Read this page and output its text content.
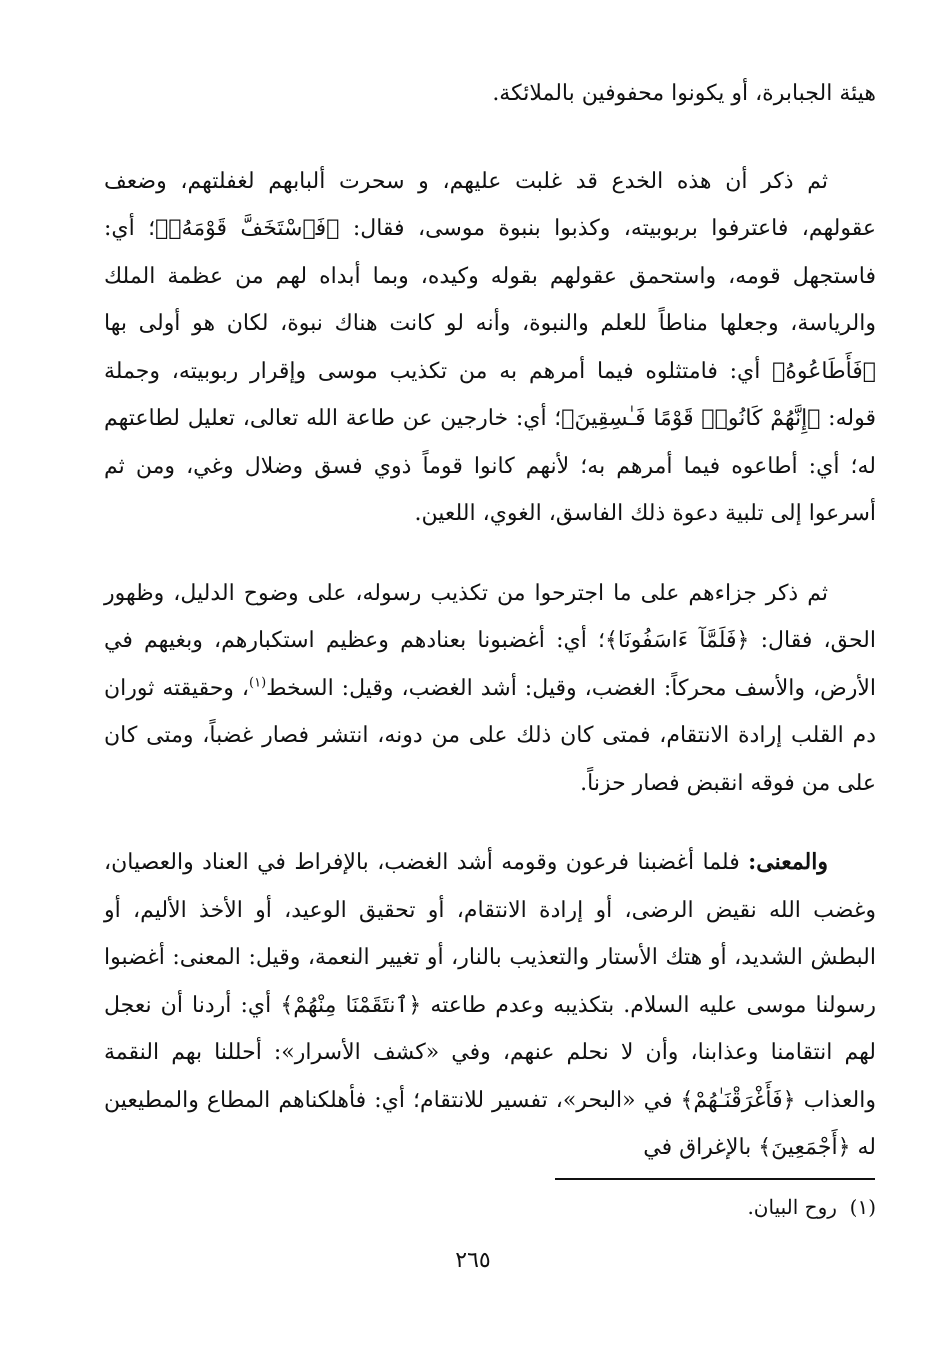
هيئة الجبابرة، أو يكونوا محفوفين بالملائكة.

ثم ذكر أن هذه الخدع قد غلبت عليهم، و سحرت ألبابهم لغفلتهم، وضعف عقولهم، فاعترفوا بربوبيته، وكذبوا بنبوة موسى، فقال: ﴿فَٱسْتَخَفَّ قَوْمَهُۥ﴾؛ أي: فاستجهل قومه، واستحمق عقولهم بقوله وكيده، وبما أبداه لهم من عظمة الملك والرياسة، وجعلها مناطاً للعلم والنبوة، وأنه لو كانت هناك نبوة، لكان هو أولى بها ﴿فَأَطَاعُوهُ﴾ أي: فامتثلوه فيما أمرهم به من تكذيب موسى وإقرار ربوبيته، وجملة قوله: ﴿إِنَّهُمْ كَانُوا۟ قَوْمًا فَـٰسِقِينَ﴾؛ أي: خارجين عن طاعة الله تعالى، تعليل لطاعتهم له؛ أي: أطاعوه فيما أمرهم به؛ لأنهم كانوا قوماً ذوي فسق وضلال وغي، ومن ثم أسرعوا إلى تلبية دعوة ذلك الفاسق، الغوي، اللعين.

ثم ذكر جزاءهم على ما اجترحوا من تكذيب رسوله، على وضوح الدليل، وظهور الحق، فقال: ﴿فَلَمَّآ ءَاسَفُونَا﴾؛ أي: أغضبونا بعنادهم وعظيم استكبارهم، وبغيهم في الأرض، والأسف محركاً: الغضب، وقيل: أشد الغضب، وقيل: السخط$^{(١)}$، وحقيقته ثوران دم القلب إرادة الانتقام، فمتى كان ذلك على من دونه، انتشر فصار غضباً، ومتى كان على من فوقه انقبض فصار حزناً.

والمعنى: فلما أغضبنا فرعون وقومه أشد الغضب، بالإفراط في العناد والعصيان، وغضب الله نقيض الرضى، أو إرادة الانتقام، أو تحقيق الوعيد، أو الأخذ الأليم، أو البطش الشديد، أو هتك الأستار والتعذيب بالنار، أو تغيير النعمة، وقيل: المعنى: أغضبوا رسولنا موسى عليه السلام. بتكذيبه وعدم طاعته ﴿ٱنتَقَمْنَا مِنْهُمْ﴾ أي: أردنا أن نعجل لهم انتقامنا وعذابنا، وأن لا نحلم عنهم، وفي «كشف الأسرار»: أحللنا بهم النقمة والعذاب ﴿فَأَغْرَقْنَـٰهُمْ﴾ في «البحر»، تفسير للانتقام؛ أي: فأهلكناهم المطاع والمطيعين له ﴿أَجْمَعِينَ﴾ بالإغراق في

(١)  روح البيان.
٢٦٥
